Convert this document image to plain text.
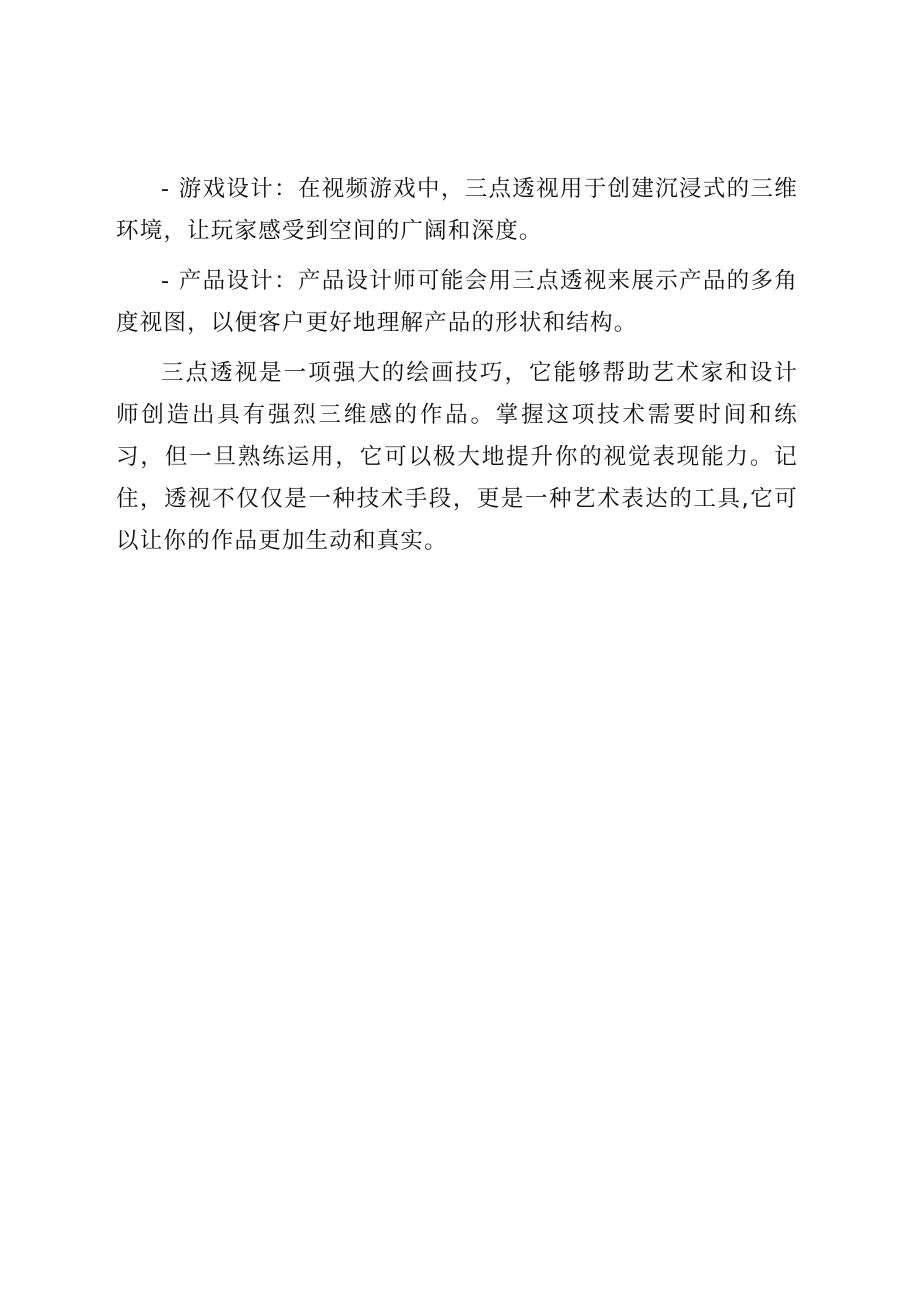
- 游戏设计：在视频游戏中，三点透视用于创建沉浸式的三维环境，让玩家感受到空间的广阔和深度。

- 产品设计：产品设计师可能会用三点透视来展示产品的多角度视图，以便客户更好地理解产品的形状和结构。

三点透视是一项强大的绘画技巧，它能够帮助艺术家和设计师创造出具有强烈三维感的作品。掌握这项技术需要时间和练习，但一旦熟练运用，它可以极大地提升你的视觉表现能力。记住，透视不仅仅是一种技术手段，更是一种艺术表达的工具,它可以让你的作品更加生动和真实。
